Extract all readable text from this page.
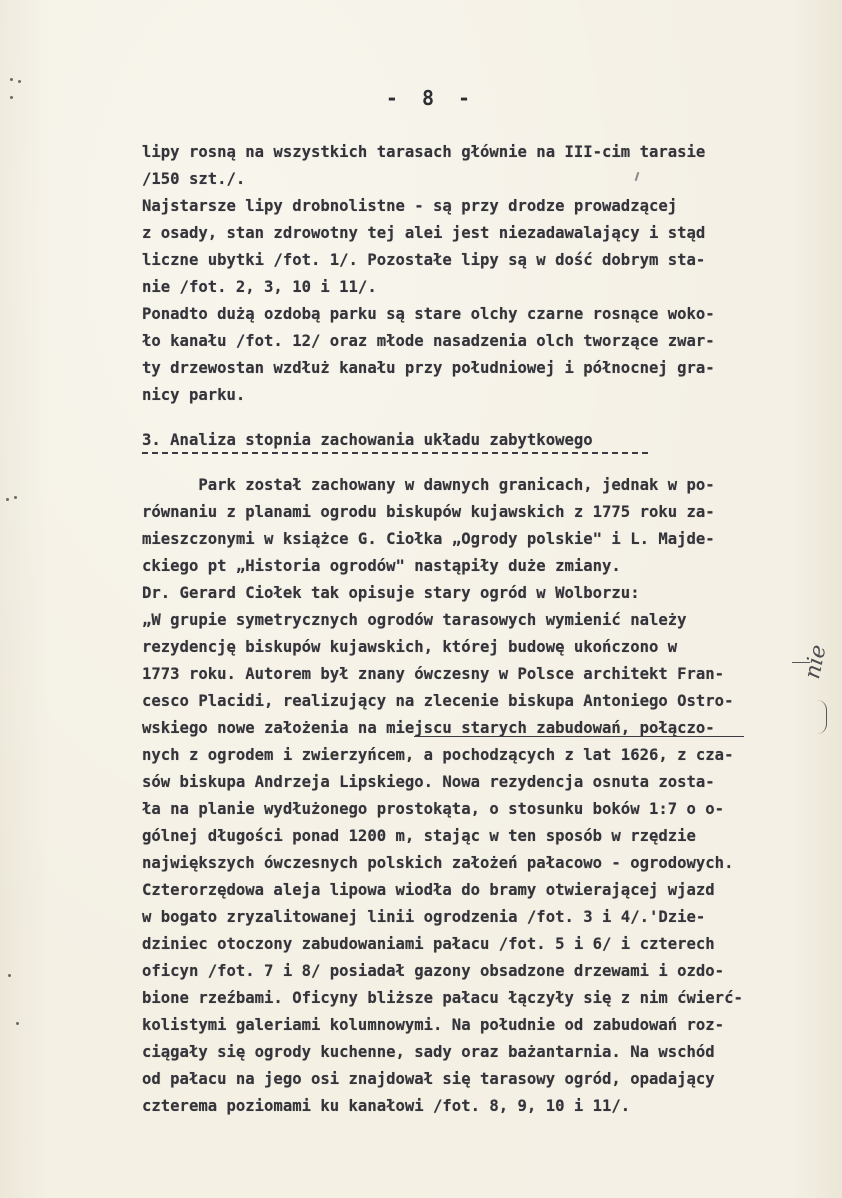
- 8 -
lipy rosną na wszystkich tarasach głównie na III-cim tarasie
/150 szt./.
Najstarsze lipy drobnolistne - są przy drodze prowadzącej
z osady, stan zdrowotny tej alei jest niezadawalający i stąd
liczne ubytki /fot. 1/. Pozostałe lipy są w dość dobrym sta-
nie /fot. 2, 3, 10 i 11/.
Ponadto dużą ozdobą parku są stare olchy czarne rosnące woko-
ło kanału /fot. 12/ oraz młode nasadzenia olch tworzące zwar-
ty drzewostan wzdłuż kanału przy południowej i północnej gra-
nicy parku.
3. Analiza stopnia zachowania układu zabytkowego
Park został zachowany w dawnych granicach, jednak w po-
równaniu z planami ogrodu biskupów kujawskich z 1775 roku za-
mieszczonymi w książce G. Ciołka „Ogrody polskie" i L. Majde-
ckiego pt „Historia ogrodów" nastąpiły duże zmiany.
Dr. Gerard Ciołek tak opisuje stary ogród w Wolborzu:
„W grupie symetrycznych ogrodów tarasowych wymienić należy
rezydencję biskupów kujawskich, której budowę ukończono w
1773 roku. Autorem był znany ówczesny w Polsce architekt Fran-
cesco Placidi, realizujący na zlecenie biskupa Antoniego Ostro-
wskiego nowe założenia na miejscu starych zabudowań, połączo-
nych z ogrodem i zwierzyńcem, a pochodzących z lat 1626, z cza-
sów biskupa Andrzeja Lipskiego. Nowa rezydencja osnuta zosta-
ła na planie wydłużonego prostokąta, o stosunku boków 1:7 o o-
gólnej długości ponad 1200 m, stając w ten sposób w rzędzie
największych ówczesnych polskich założeń pałacowo - ogrodowych.
Czterorzędowa aleja lipowa wiodła do bramy otwierającej wjazd
w bogato zryzalitowanej linii ogrodzenia /fot. 3 i 4/.'Dzie-
dziniec otoczony zabudowaniami pałacu /fot. 5 i 6/ i czterech
oficyn /fot. 7 i 8/ posiadał gazony obsadzone drzewami i ozdo-
bione rzeźbami. Oficyny bliższe pałacu łączyły się z nim ćwierć-
kolistymi galeriami kolumnowymi. Na południe od zabudowań roz-
ciągały się ogrody kuchenne, sady oraz bażantarnia. Na wschód
od pałacu na jego osi znajdował się tarasowy ogród, opadający
czterema poziomami ku kanałowi /fot. 8, 9, 10 i 11/.
nie
